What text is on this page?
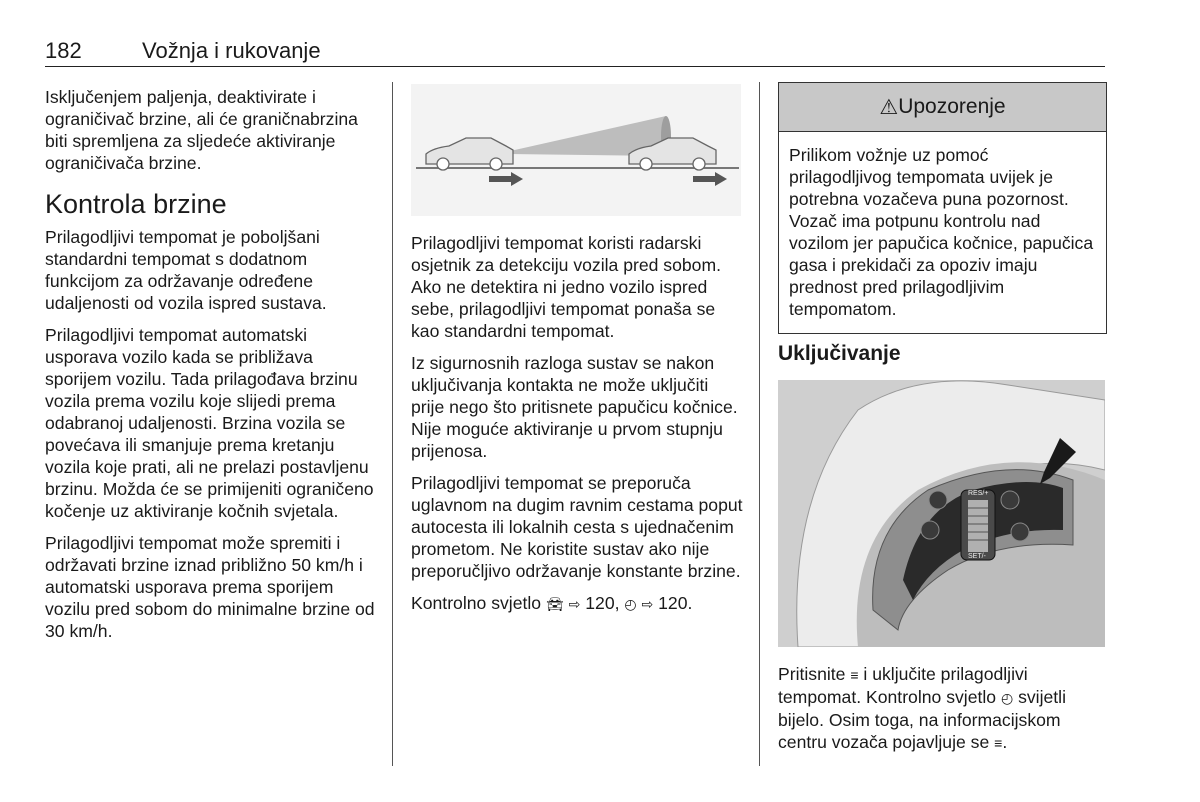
182	Vožnja i rukovanje

Isključenjem paljenja, deaktivirate i ograničivač brzine, ali će graničnabrzina biti spremljena za sljedeće aktiviranje ograničivača brzine.

Kontrola brzine

Prilagodljivi tempomat je poboljšani standardni tempomat s dodatnom funkcijom za održavanje određene udaljenosti od vozila ispred sustava.

Prilagodljivi tempomat automatski usporava vozilo kada se približava sporijem vozilu. Tada prilagođava brzinu vozila prema vozilu koje slijedi prema odabranoj udaljenosti. Brzina vozila se povećava ili smanjuje prema kretanju vozila koje prati, ali ne prelazi postavljenu brzinu. Možda će se primijeniti ograničeno kočenje uz aktiviranje kočnih svjetala.

Prilagodljivi tempomat može spremiti i održavati brzine iznad približno 50 km/h i automatski usporava prema sporijem vozilu pred sobom do minimalne brzine od 30 km/h.

Prilagodljivi tempomat koristi radarski osjetnik za detekciju vozila pred sobom. Ako ne detektira ni jedno vozilo ispred sebe, prilagodljivi tempomat ponaša se kao standardni tempomat.

Iz sigurnosnih razloga sustav se nakon uključivanja kontakta ne može uključiti prije nego što pritisnete papučicu kočnice. Nije moguće aktiviranje u prvom stupnju prijenosa.

Prilagodljivi tempomat se preporuča uglavnom na dugim ravnim cestama poput autocesta ili lokalnih cesta s ujednačenim prometom. Ne koristite sustav ako nije preporučljivo održavanje konstante brzine.

Kontrolno svjetlo 🚘︎ ⇨ 120, ◴ ⇨ 120.

⚠ Upozorenje
Prilikom vožnje uz pomoć prilagodljivog tempomata uvijek je potrebna vozačeva puna pozornost. Vozač ima potpunu kontrolu nad vozilom jer papučica kočnice, papučica gasa i prekidači za opoziv imaju prednost pred prilagodljivim tempomatom.
Uključivanje
RES/+
SET/-

Pritisnite ≡ i uključite prilagodljivi tempomat. Kontrolno svjetlo ◴ svijetli bijelo. Osim toga, na informacijskom centru vozača pojavljuje se ≡.
